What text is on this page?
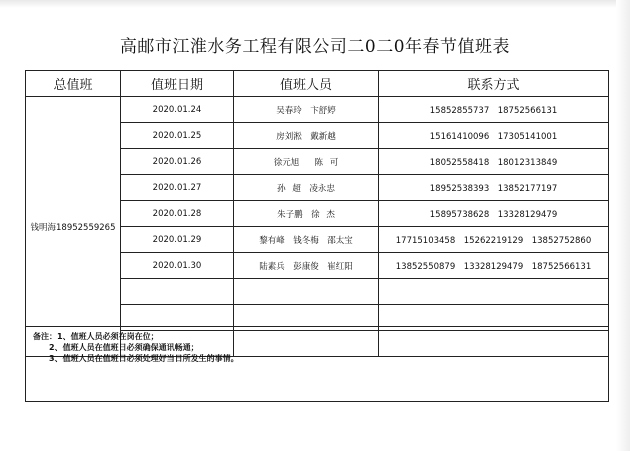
高邮市江淮水务工程有限公司二0二0年春节值班表
总值班	值班日期	值班人员	联系方式
钱明海18952559265	2020.01.24	吴春玲　卞舒婷	15852855737　18752566131
	2020.01.25	房刘淞　戴新越	15161410096　17305141001
	2020.01.26	徐元旭　 陈 可	18052558418　18012313849
	2020.01.27	孙 超　凌永忠	18952538393　13852177197
	2020.01.28	朱子鹏　徐 杰	15895738628　13328129479
	2020.01.29	黎有峰　钱冬梅　邵太宝	17715103458　15262219129　13852752860
	2020.01.30	陆素兵　彭康俊　崔红阳	13852550879　13328129479　18752566131

备注：1、值班人员必须在岗在位；
2、值班人员在值班日必须确保通讯畅通；
3、值班人员在值班日必须处理好当日所发生的事情。
